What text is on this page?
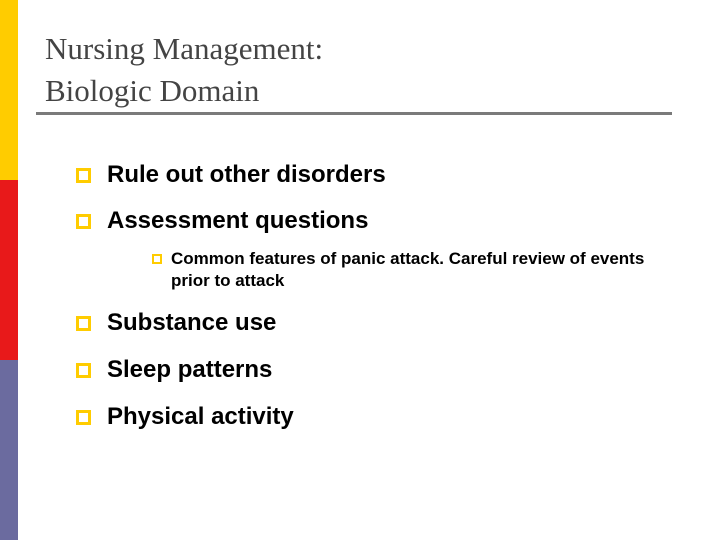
Nursing Management:
Biologic Domain
Rule out other disorders
Assessment questions
Common features of panic attack. Careful review of events prior to attack
Substance use
Sleep patterns
Physical activity
